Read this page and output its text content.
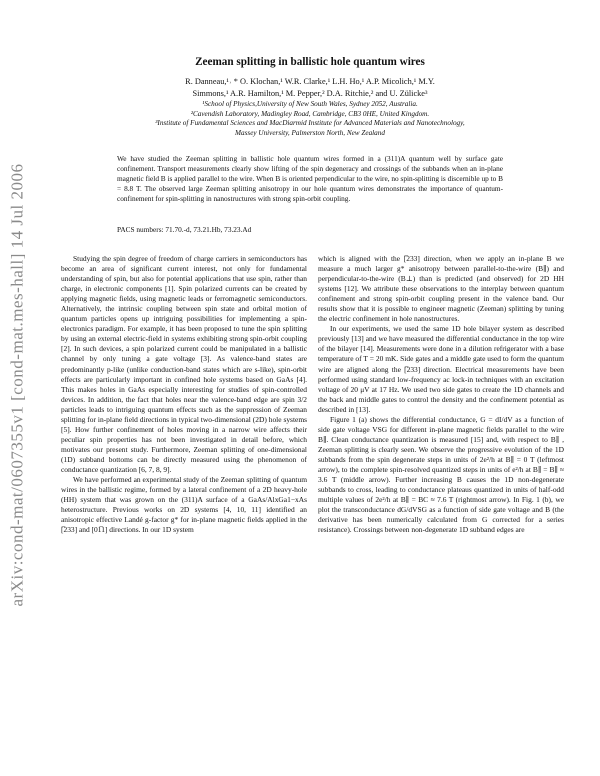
arXiv:cond-mat/0607355v1 [cond-mat.mes-hall] 14 Jul 2006
Zeeman splitting in ballistic hole quantum wires
R. Danneau,¹˒ * O. Klochan,¹ W.R. Clarke,¹ L.H. Ho,¹ A.P. Micolich,¹ M.Y.
Simmons,¹ A.R. Hamilton,¹ M. Pepper,² D.A. Ritchie,² and U. Zülicke³
¹School of Physics,University of New South Wales, Sydney 2052, Australia.
²Cavendish Laboratory, Madingley Road, Cambridge, CB3 0HE, United Kingdom.
³Institute of Fundamental Sciences and MacDiarmid Institute for Advanced Materials and Nanotechnology,
Massey University, Palmerston North, New Zealand
We have studied the Zeeman splitting in ballistic hole quantum wires formed in a (311)A quantum well by surface gate confinement. Transport measurements clearly show lifting of the spin degeneracy and crossings of the subbands when an in-plane magnetic field B is applied parallel to the wire. When B is oriented perpendicular to the wire, no spin-splitting is discernible up to B = 8.8 T. The observed large Zeeman splitting anisotropy in our hole quantum wires demonstrates the importance of quantum-confinement for spin-splitting in nanostructures with strong spin-orbit coupling.
PACS numbers: 71.70.-d, 73.21.Hb, 73.23.Ad

Studying the spin degree of freedom of charge carriers in semiconductors has become an area of significant current interest, not only for fundamental understanding of spin, but also for potential applications that use spin, rather than charge, in electronic components [1]. Spin polarized currents can be created by applying magnetic fields, using magnetic leads or ferromagnetic semiconductors. Alternatively, the intrinsic coupling between spin state and orbital motion of quantum particles opens up intriguing possibilities for implementing a spin-electronics paradigm. For example, it has been proposed to tune the spin splitting by using an external electric-field in systems exhibiting strong spin-orbit coupling [2]. In such devices, a spin polarized current could be manipulated in a ballistic channel by only tuning a gate voltage [3]. As valence-band states are predominantly p-like (unlike conduction-band states which are s-like), spin-orbit effects are particularly important in confined hole systems based on GaAs [4]. This makes holes in GaAs especially interesting for studies of spin-controlled devices. In addition, the fact that holes near the valence-band edge are spin 3/2 particles leads to intriguing quantum effects such as the suppression of Zeeman splitting for in-plane field directions in typical two-dimensional (2D) hole systems [5]. How further confinement of holes moving in a narrow wire affects their peculiar spin properties has not been investigated in detail before, which motivates our present study. Furthermore, Zeeman splitting of one-dimensional (1D) subband bottoms can be directly measured using the phenomenon of conductance quantization [6, 7, 8, 9].

We have performed an experimental study of the Zeeman splitting of quantum wires in the ballistic regime, formed by a lateral confinement of a 2D heavy-hole (HH) system that was grown on the (311)A surface of a GaAs/AlxGa1−xAs heterostructure. Previous works on 2D systems [4, 10, 11] identified an anisotropic effective Landé g-factor g* for in-plane magnetic fields applied in the [̅233] and [01̅1] directions. In our 1D system

which is aligned with the [̅233] direction, when we apply an in-plane B we measure a much larger g* anisotropy between parallel-to-the-wire (B∥) and perpendicular-to-the-wire (B⊥) than is predicted (and observed) for 2D HH systems [12]. We attribute these observations to the interplay between quantum confinement and strong spin-orbit coupling present in the valence band. Our results show that it is possible to engineer magnetic (Zeeman) splitting by tuning the electric confinement in hole nanostructures.

In our experiments, we used the same 1D hole bilayer system as described previously [13] and we have measured the differential conductance in the top wire of the bilayer [14]. Measurements were done in a dilution refrigerator with a base temperature of T = 20 mK. Side gates and a middle gate used to form the quantum wire are aligned along the [̅233] direction. Electrical measurements have been performed using standard low-frequency ac lock-in techniques with an excitation voltage of 20 μV at 17 Hz. We used two side gates to create the 1D channels and the back and middle gates to control the density and the confinement potential as described in [13].

Figure 1 (a) shows the differential conductance, G = dI/dV as a function of side gate voltage VSG for different in-plane magnetic fields parallel to the wire B∥. Clean conductance quantization is measured [15] and, with respect to B∥ , Zeeman splitting is clearly seen. We observe the progressive evolution of the 1D subbands from the spin degenerate steps in units of 2e²/h at B∥ = 0 T (leftmost arrow), to the complete spin-resolved quantized steps in units of e²/h at B∥ = B∥ ≈ 3.6 T (middle arrow). Further increasing B causes the 1D non-degenerate subbands to cross, leading to conductance plateaus quantized in units of half-odd multiple values of 2e²/h at B∥ = BC ≈ 7.6 T (rightmost arrow). In Fig. 1 (b), we plot the transconductance dG/dVSG as a function of side gate voltage and B (the derivative has been numerically calculated from G corrected for a series resistance). Crossings between non-degenerate 1D subband edges are
